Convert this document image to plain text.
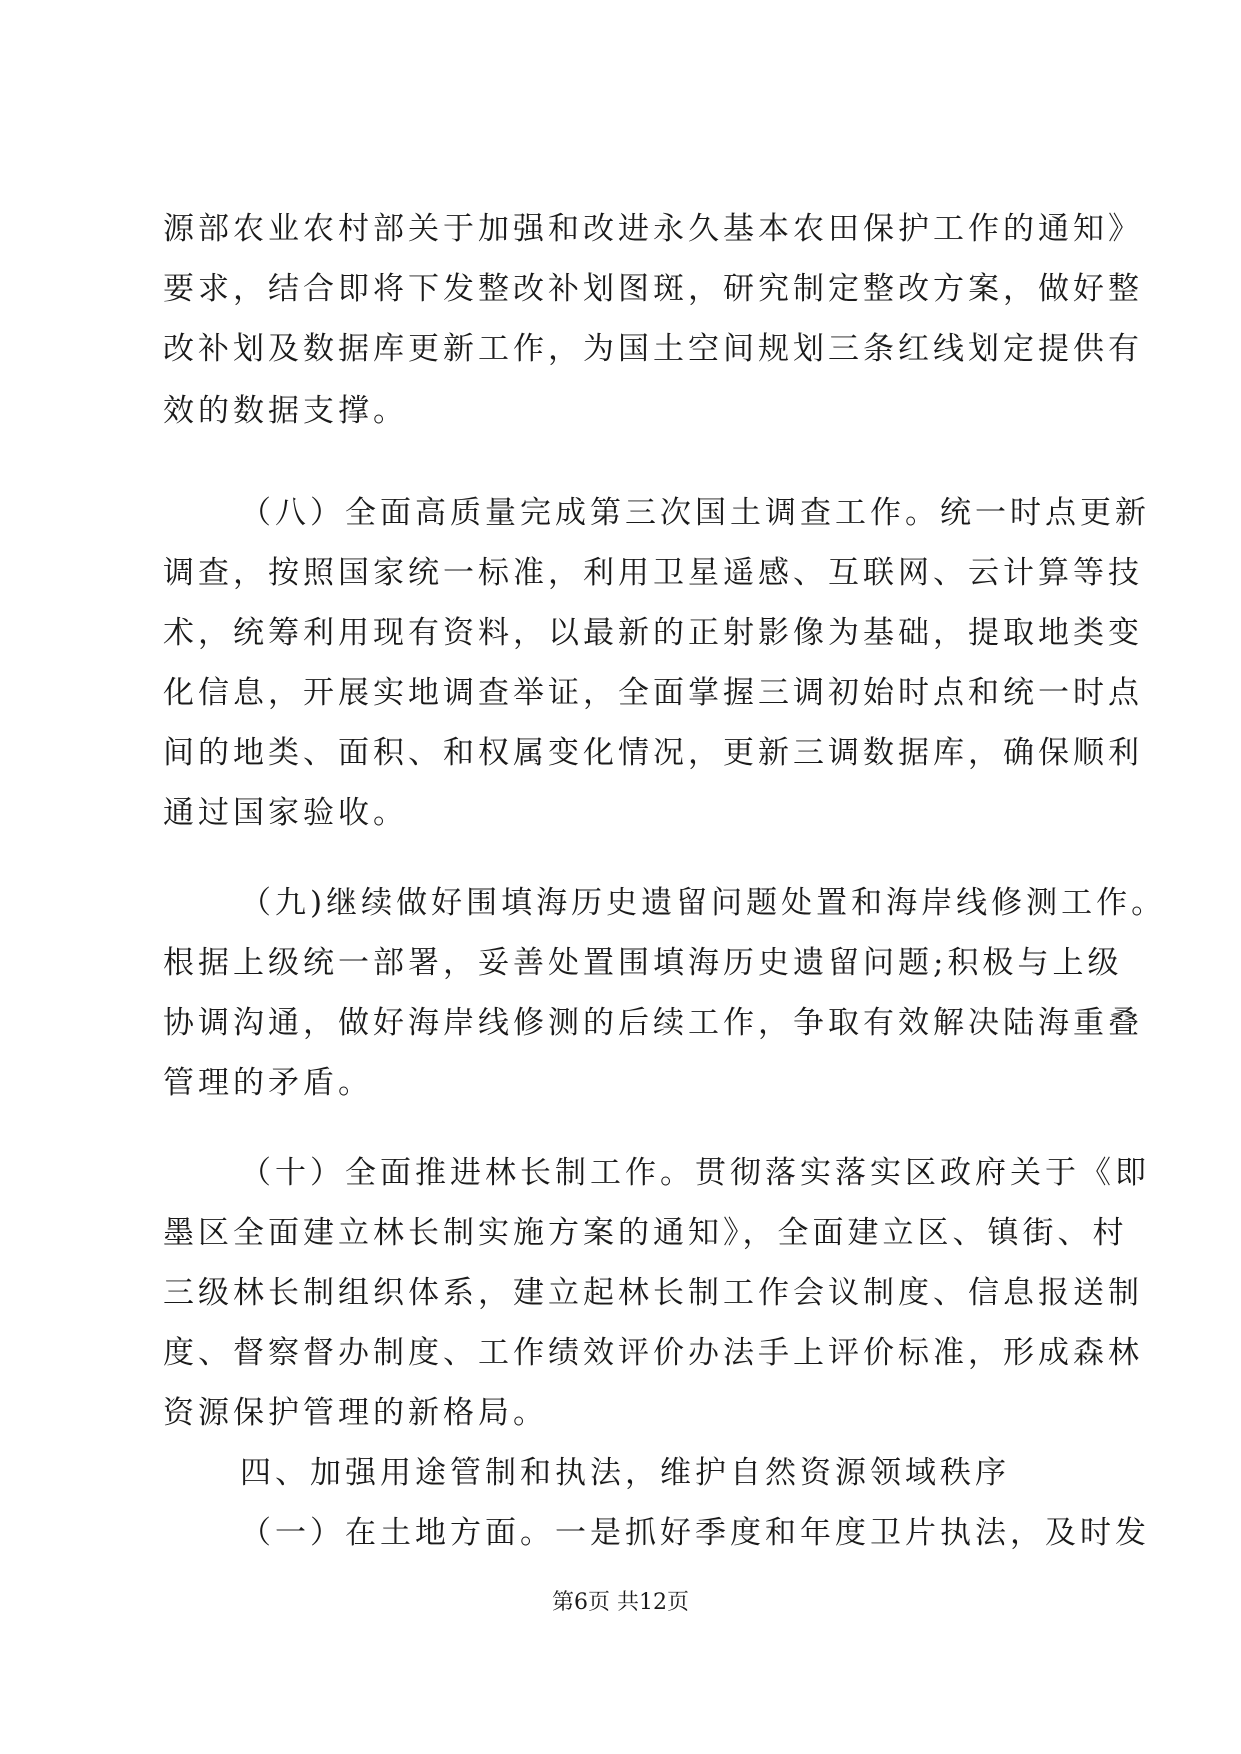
源部农业农村部关于加强和改进永久基本农田保护工作的通知》
要求，结合即将下发整改补划图斑，研究制定整改方案，做好整
改补划及数据库更新工作，为国土空间规划三条红线划定提供有
效的数据支撑。
（八）全面高质量完成第三次国土调查工作。统一时点更新
调查，按照国家统一标准，利用卫星遥感、互联网、云计算等技
术，统筹利用现有资料，以最新的正射影像为基础，提取地类变
化信息，开展实地调查举证，全面掌握三调初始时点和统一时点
间的地类、面积、和权属变化情况，更新三调数据库，确保顺利
通过国家验收。
（九)继续做好围填海历史遗留问题处置和海岸线修测工作。
根据上级统一部署，妥善处置围填海历史遗留问题;积极与上级
协调沟通，做好海岸线修测的后续工作，争取有效解决陆海重叠
管理的矛盾。
（十）全面推进林长制工作。贯彻落实落实区政府关于《即
墨区全面建立林长制实施方案的通知》，全面建立区、镇街、村
三级林长制组织体系，建立起林长制工作会议制度、信息报送制
度、督察督办制度、工作绩效评价办法手上评价标准，形成森林
资源保护管理的新格局。
四、加强用途管制和执法，维护自然资源领域秩序
（一）在土地方面。一是抓好季度和年度卫片执法，及时发
第6页 共12页
